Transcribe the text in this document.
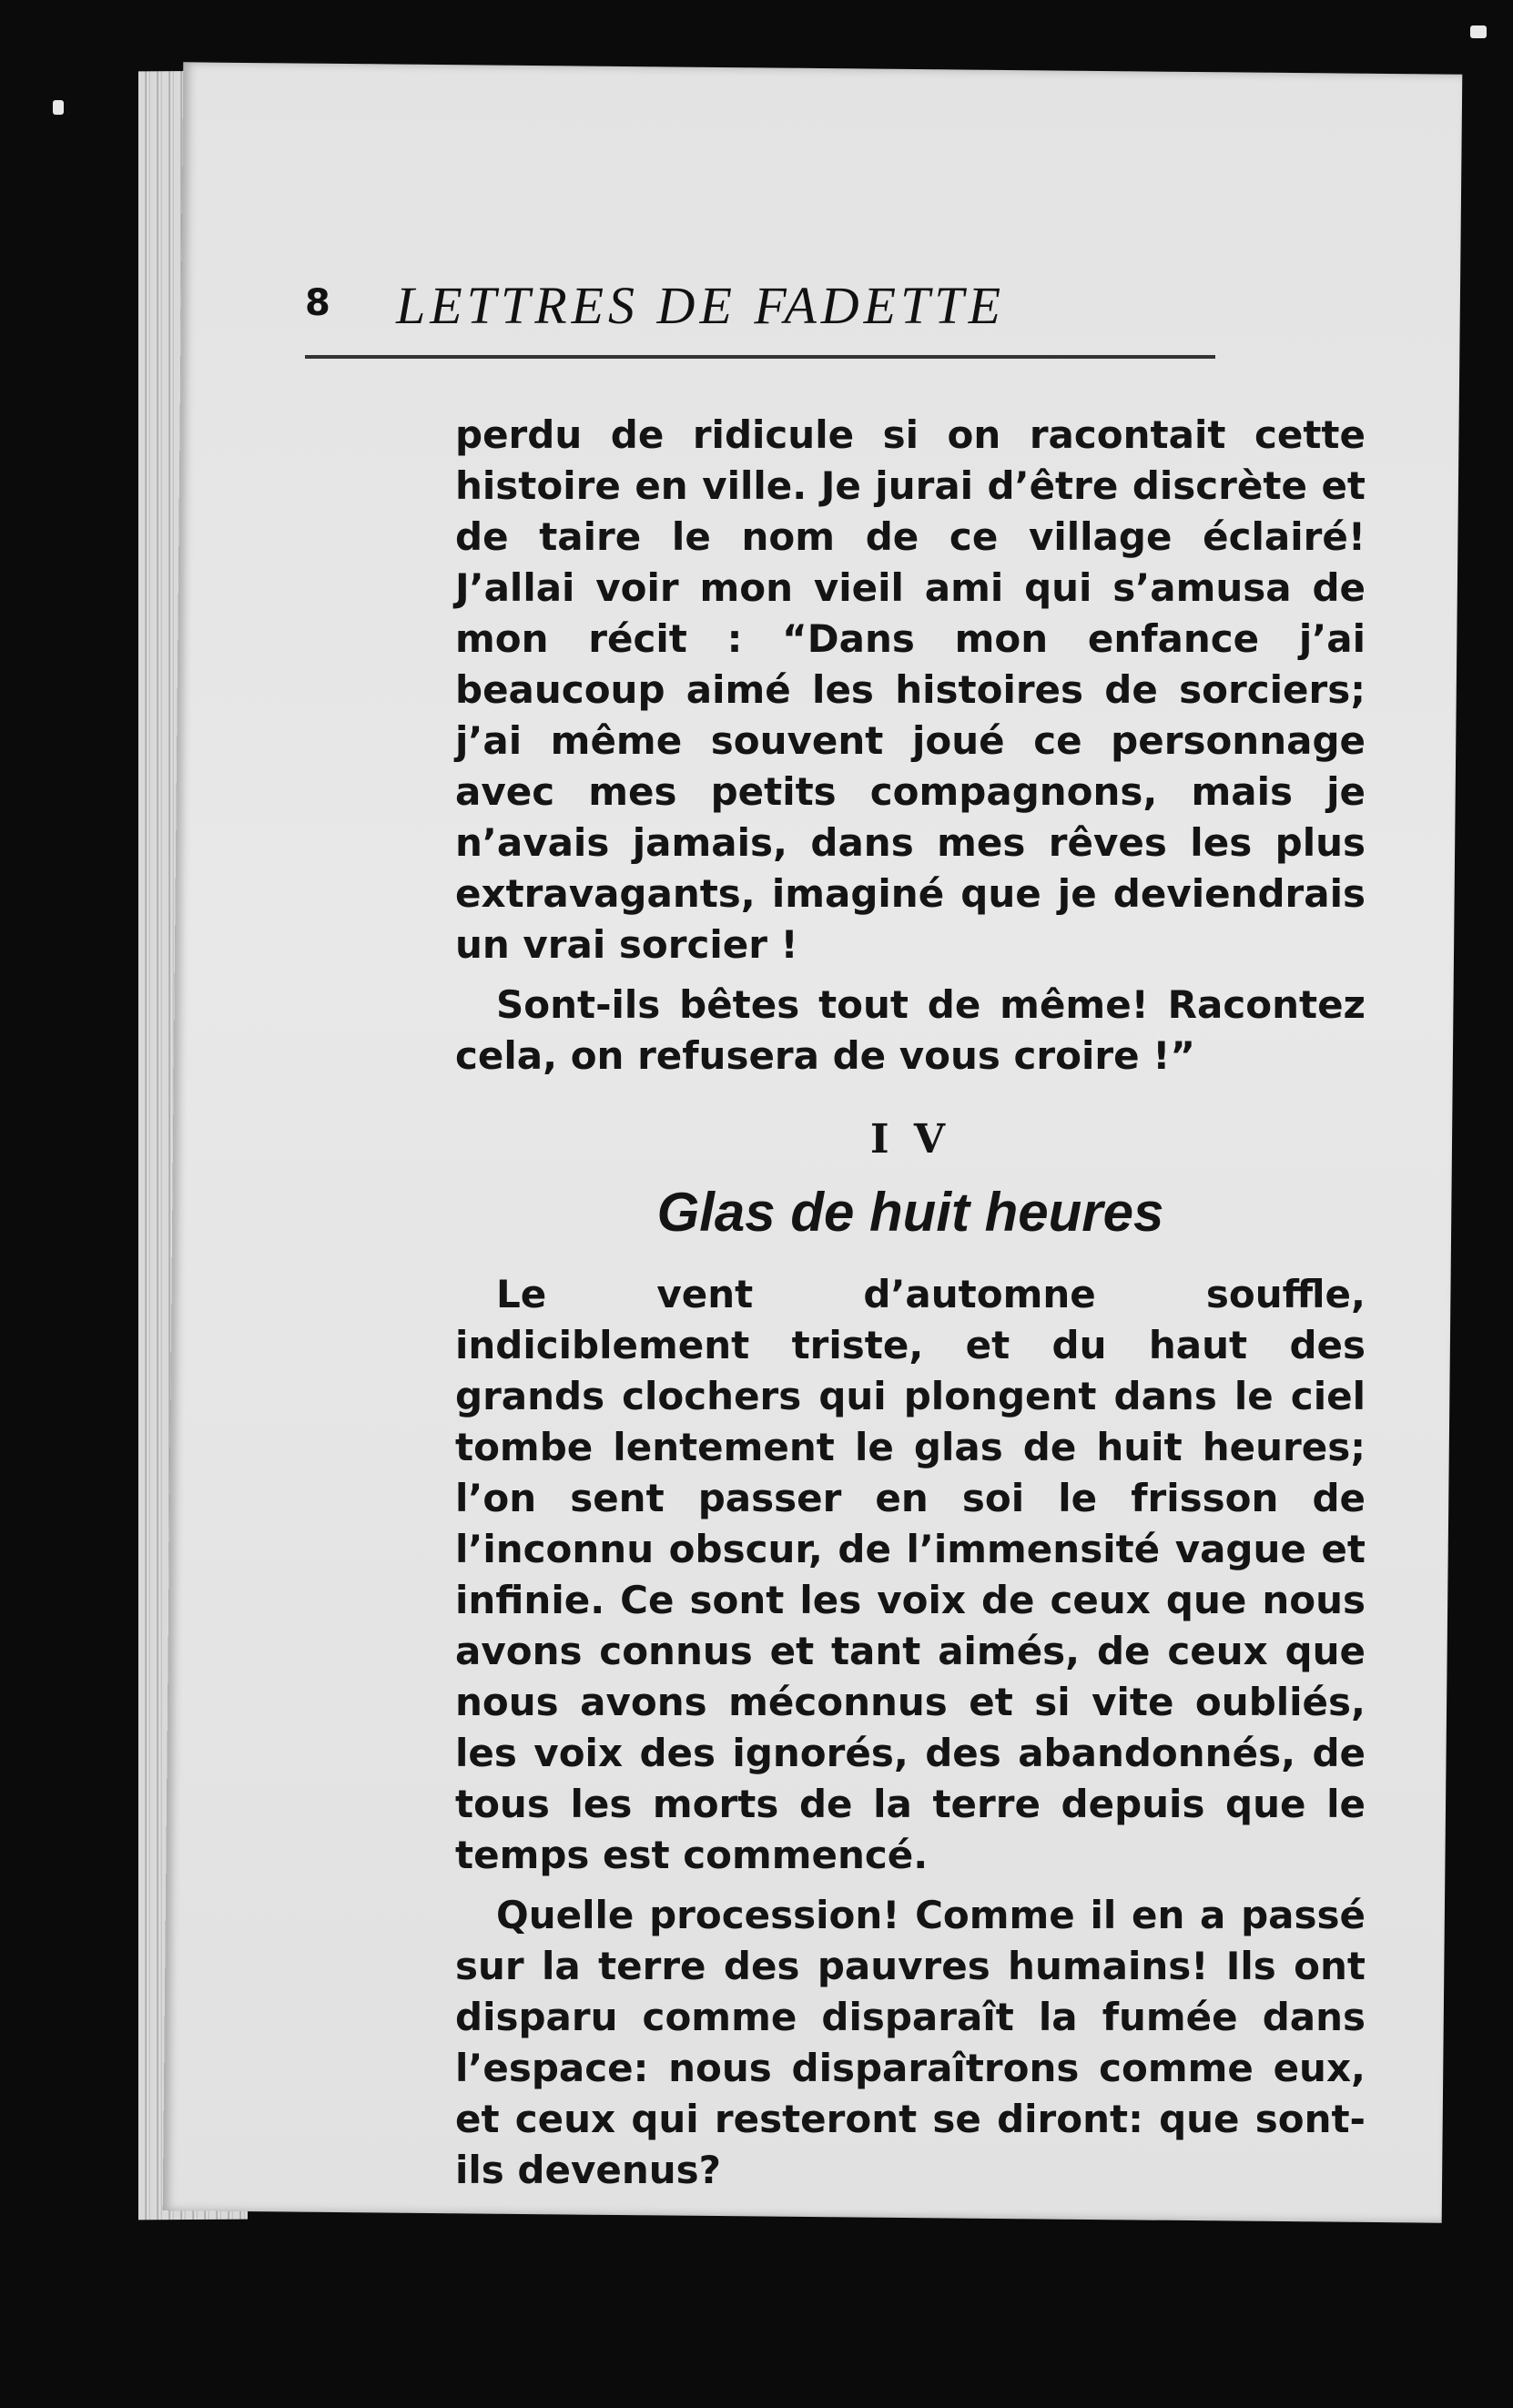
8 LETTRES DE FADETTE

perdu de ridicule si on racontait cette histoire en ville. Je jurai d’être discrète et de taire le nom de ce village éclairé! J’allai voir mon vieil ami qui s’amusa de mon récit : “Dans mon enfance j’ai beaucoup aimé les histoires de sorciers; j’ai même souvent joué ce personnage avec mes petits compagnons, mais je n’avais jamais, dans mes rêves les plus extravagants, imaginé que je deviendrais un vrai sorcier !

Sont-ils bêtes tout de même! Racontez cela, on refusera de vous croire !”

I V
Glas de huit heures

Le vent d’automne souffle, indiciblement triste, et du haut des grands clochers qui plongent dans le ciel tombe lentement le glas de huit heures; l’on sent passer en soi le frisson de l’inconnu obscur, de l’immensité vague et infinie. Ce sont les voix de ceux que nous avons connus et tant aimés, de ceux que nous avons méconnus et si vite oubliés, les voix des ignorés, des abandonnés, de tous les morts de la terre depuis que le temps est commencé.

Quelle procession! Comme il en a passé sur la terre des pauvres humains! Ils ont disparu comme disparaît la fumée dans l’espace: nous disparaîtrons comme eux, et ceux qui resteront se diront: que sont-ils devenus?
